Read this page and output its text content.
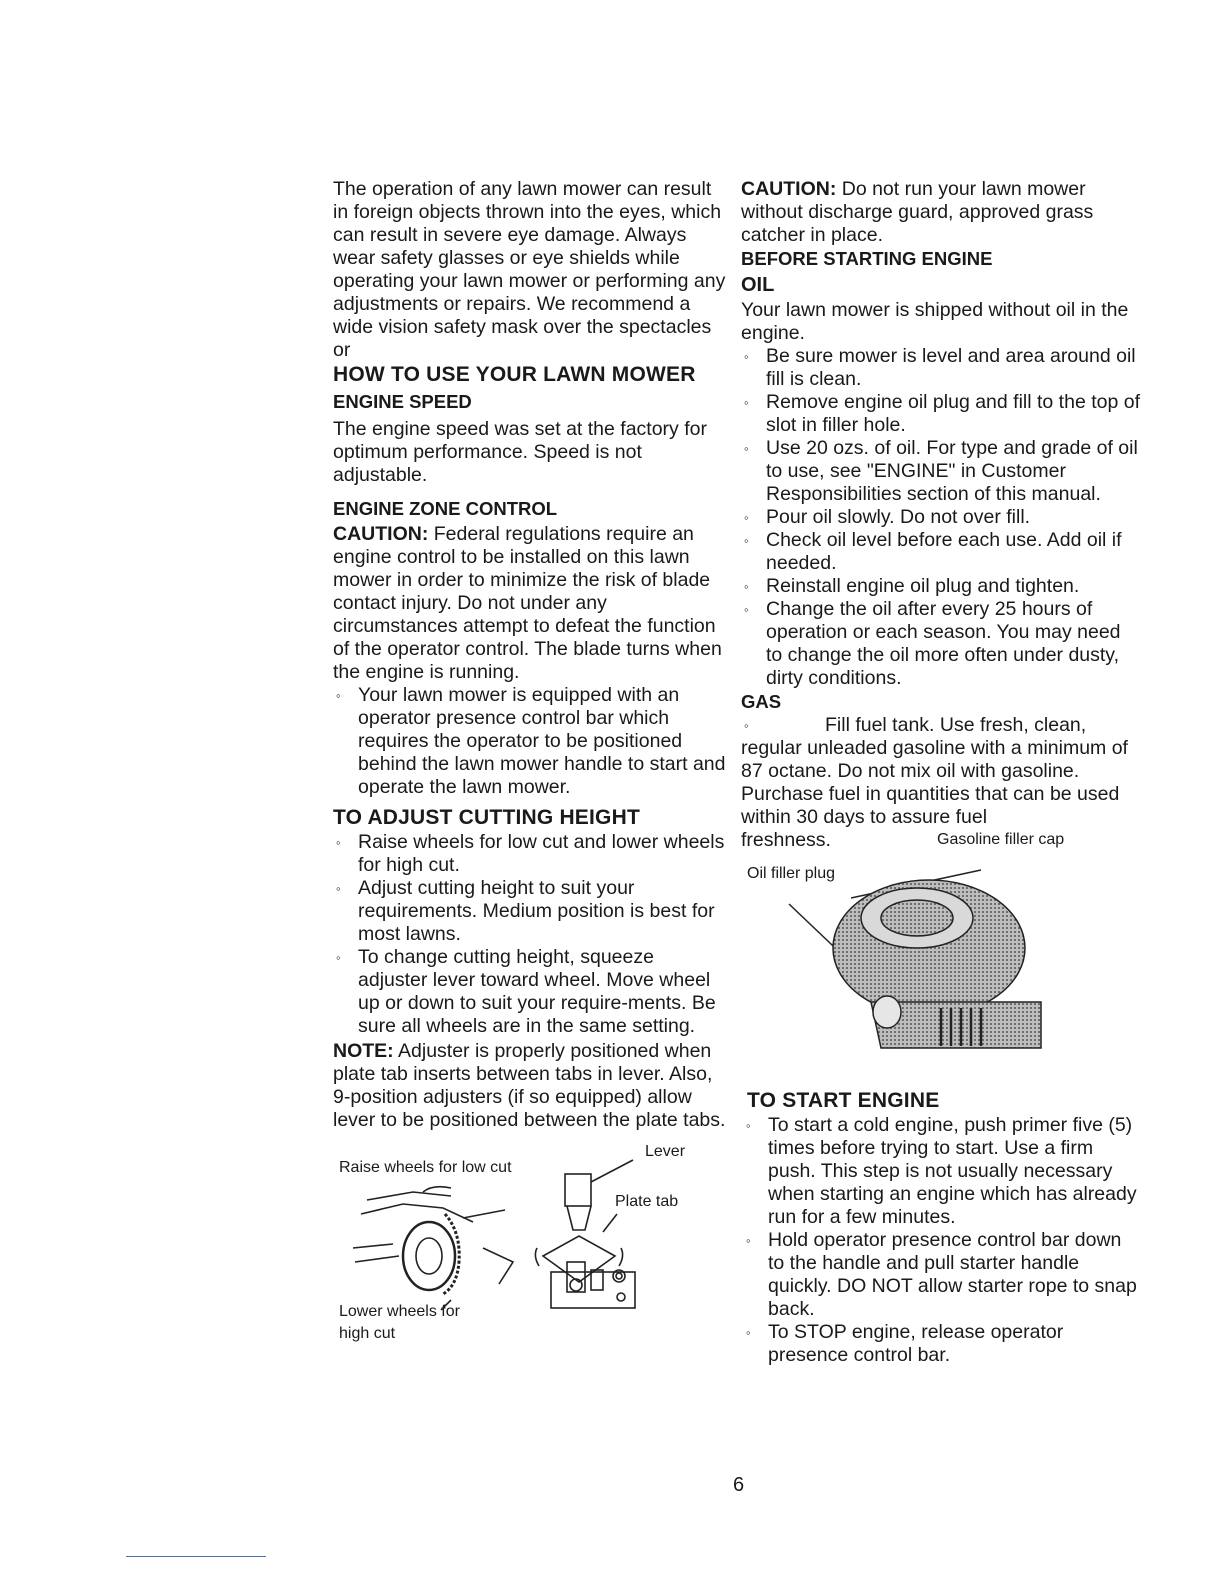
The operation of any lawn mower can result in foreign objects thrown into the eyes, which can result in severe eye damage. Always wear safety glasses or eye shields while operating your lawn mower or performing any adjustments or repairs. We recommend a wide vision safety mask over the spectacles or

HOW TO USE YOUR LAWN MOWER

ENGINE SPEED

The engine speed was set at the factory for optimum performance. Speed is not adjustable.

ENGINE ZONE CONTROL

CAUTION: Federal regulations require an engine control to be installed on this lawn mower in order to minimize the risk of blade contact injury. Do not under any circumstances attempt to defeat the function of the operator control. The blade turns when the engine is running.

◦ Your lawn mower is equipped with an operator presence control bar which requires the operator to be positioned behind the lawn mower handle to start and operate the lawn mower.

TO ADJUST CUTTING HEIGHT

◦ Raise wheels for low cut and lower wheels for high cut.
◦ Adjust cutting height to suit your requirements. Medium position is best for most lawns.
◦ To change cutting height, squeeze adjuster lever toward wheel. Move wheel up or down to suit your require-ments. Be sure all wheels are in the same setting.

NOTE: Adjuster is properly positioned when plate tab inserts between tabs in lever. Also, 9-position adjusters (if so equipped) allow lever to be positioned between the plate tabs.

Raise wheels for low cut
Lever
Plate tab
Lower wheels for
high cut

CAUTION: Do not run your lawn mower without discharge guard, approved grass catcher in place.

BEFORE STARTING ENGINE

OIL

Your lawn mower is shipped without oil in the engine.

◦ Be sure mower is level and area around oil fill is clean.
◦ Remove engine oil plug and fill to the top of slot in filler hole.
◦ Use 20 ozs. of oil. For type and grade of oil to use, see "ENGINE" in Customer Responsibilities section of this manual.
◦ Pour oil slowly. Do not over fill.
◦ Check oil level before each use. Add oil if needed.
◦ Reinstall engine oil plug and tighten.
◦ Change the oil after every 25 hours of operation or each season. You may need to change the oil more often under dusty, dirty conditions.

GAS

◦	Fill fuel tank. Use fresh, clean,

regular unleaded gasoline with a minimum of 87 octane. Do not mix oil with gasoline. Purchase fuel in quantities that can be used within 30 days to assure fuel

freshness.	Gasoline filler cap

Oil filler plug

TO START ENGINE

◦ To start a cold engine, push primer five (5) times before trying to start. Use a firm push. This step is not usually necessary when starting an engine which has already run for a few minutes.
◦ Hold operator presence control bar down to the handle and pull starter handle quickly. DO NOT allow starter rope to snap back.
◦ To STOP engine, release operator presence control bar.
6
